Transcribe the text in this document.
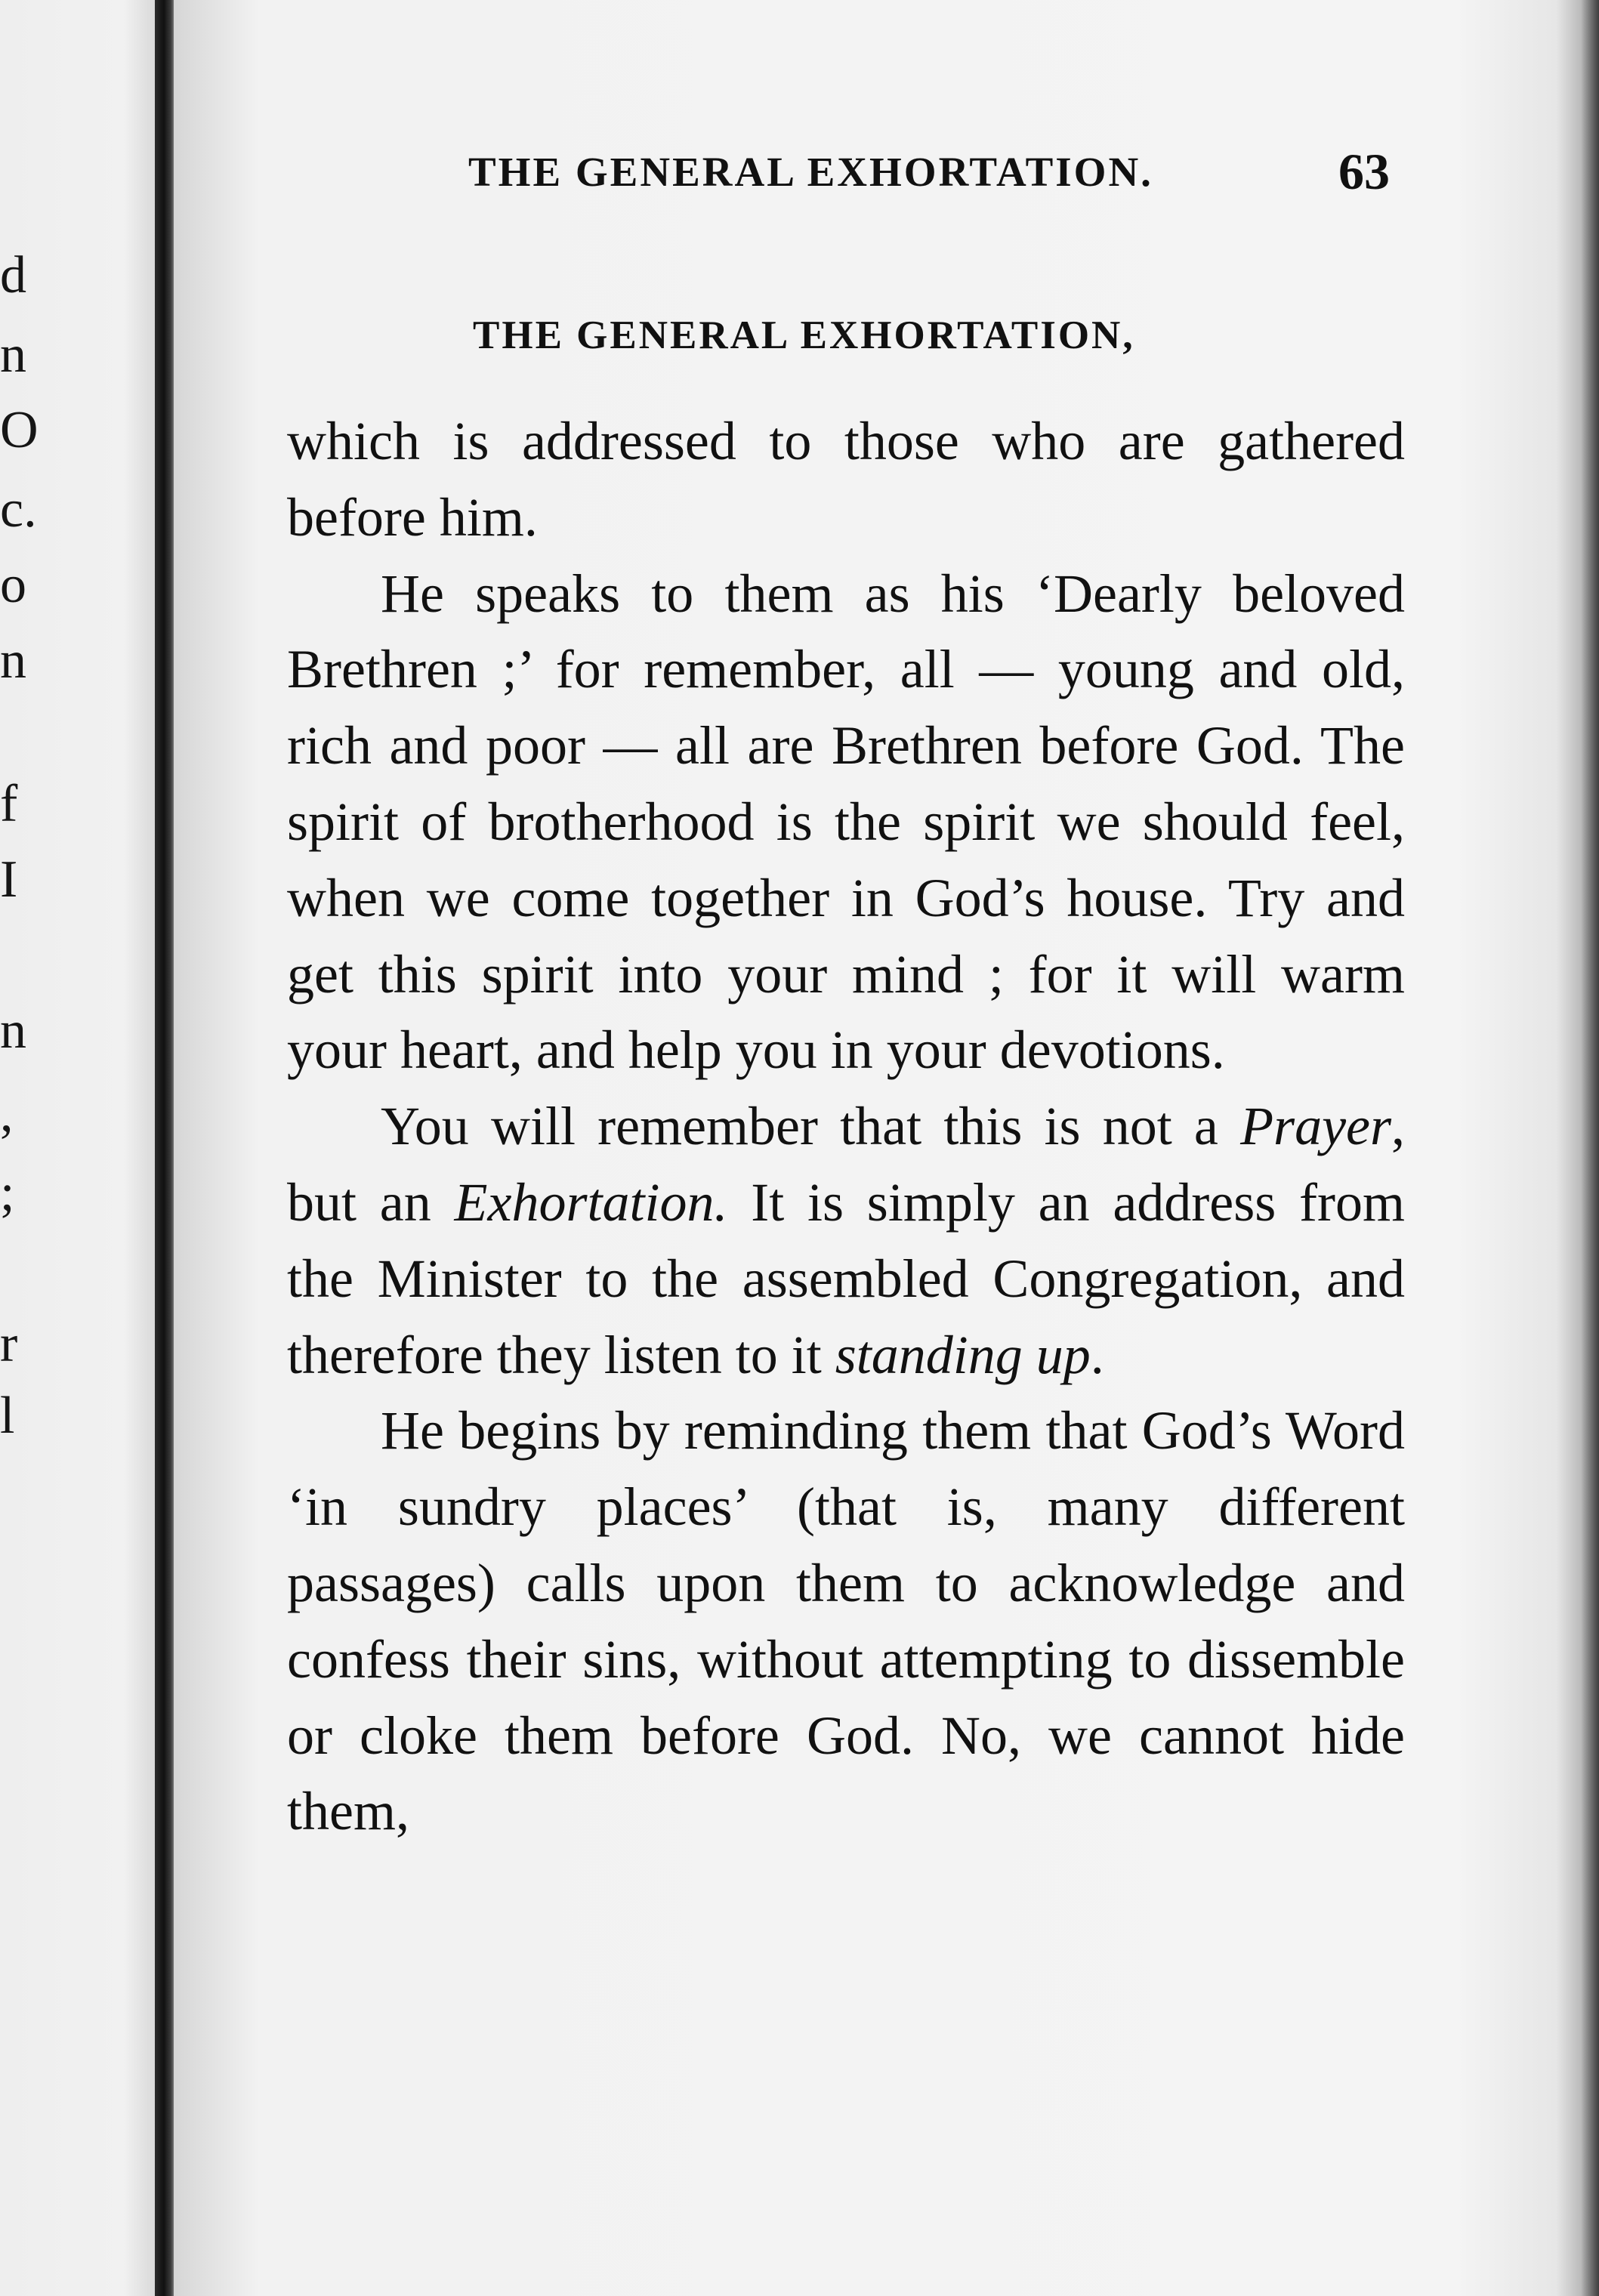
d
n
O
c.
o
n
f
I
n
,
;
r
l
THE GENERAL EXHORTATION.	63
THE GENERAL EXHORTATION,

which is addressed to those who are gathered before him.

He speaks to them as his ‘Dearly beloved Brethren ;’ for remember, all — young and old, rich and poor — all are Brethren before God. The spirit of brotherhood is the spirit we should feel, when we come together in God’s house. Try and get this spirit into your mind ; for it will warm your heart, and help you in your devotions.

You will remember that this is not a Prayer, but an Exhortation. It is simply an address from the Minister to the assembled Congregation, and therefore they listen to it standing up.

He begins by reminding them that God’s Word ‘in sundry places’ (that is, many different passages) calls upon them to acknowledge and confess their sins, without attempting to dissemble or cloke them before God. No, we cannot hide them,
